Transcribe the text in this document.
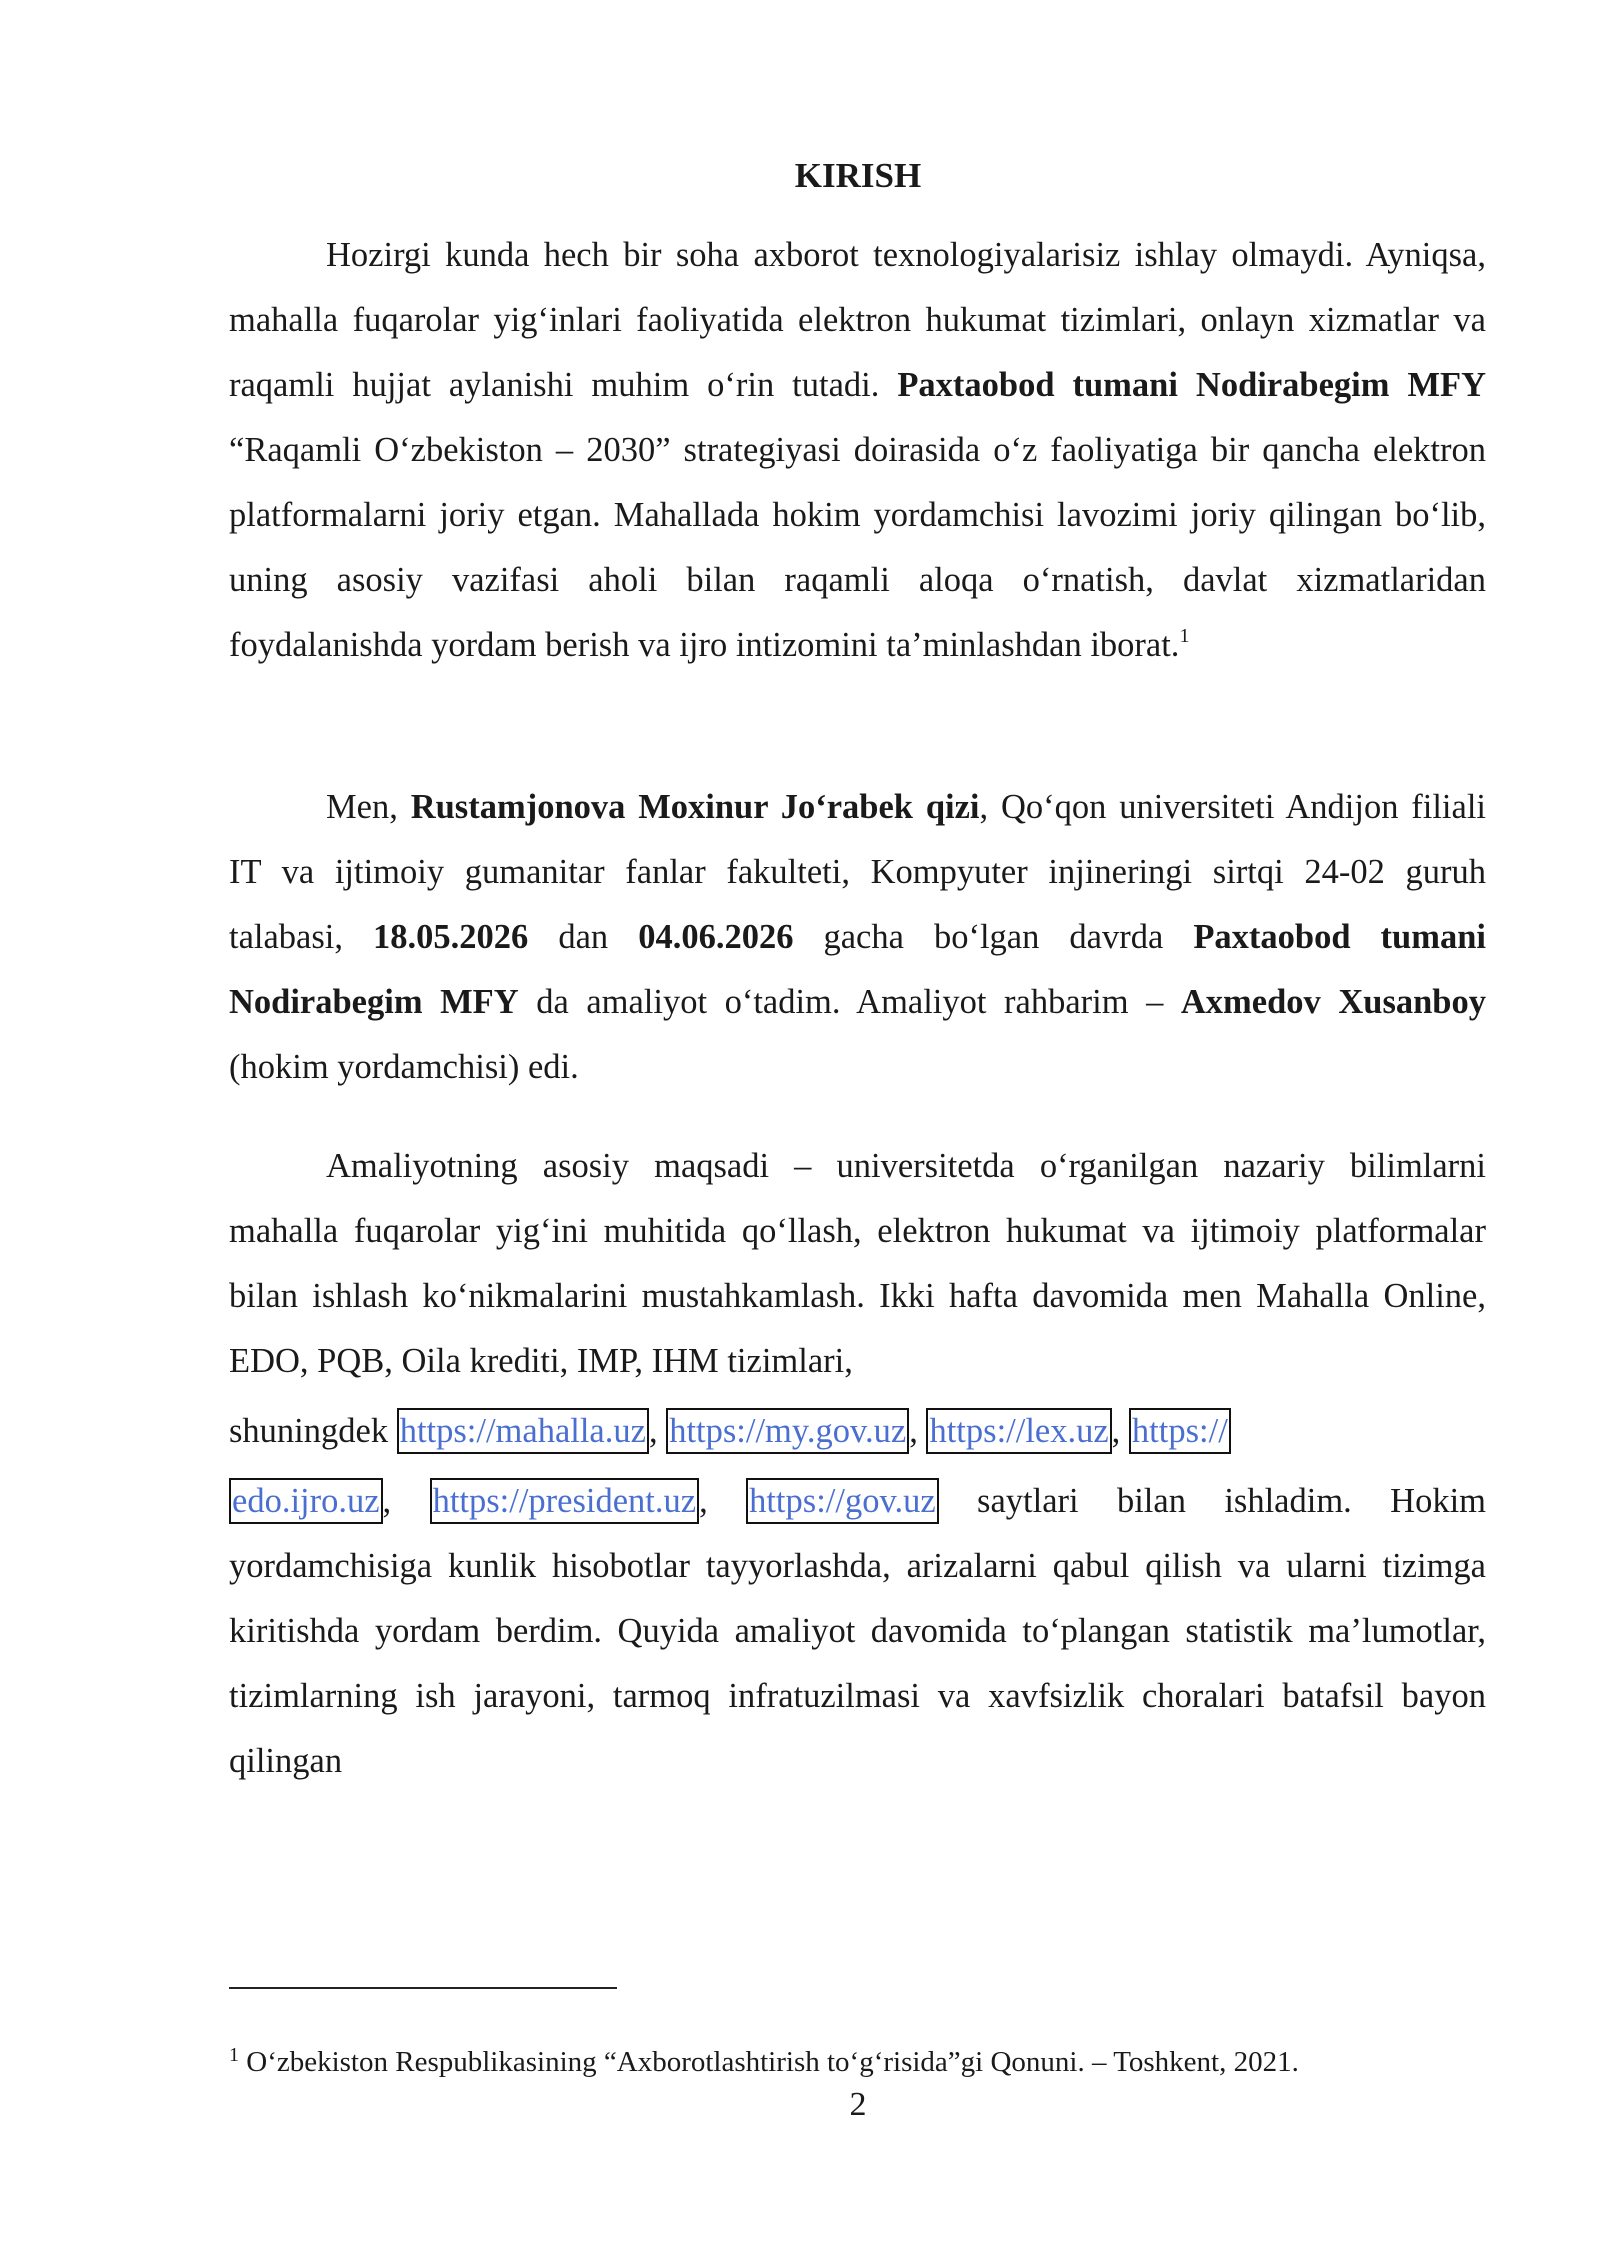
KIRISH
Hozirgi kunda hech bir soha axborot texnologiyalarisiz ishlay olmaydi. Ayniqsa, mahalla fuqarolar yig‘inlari faoliyatida elektron hukumat tizimlari, onlayn xizmatlar va raqamli hujjat aylanishi muhim o‘rin tutadi. Paxtaobod tumani Nodirabegim MFY “Raqamli O‘zbekiston – 2030” strategiyasi doirasida o‘z faoliyatiga bir qancha elektron platformalarni joriy etgan. Mahallada hokim yordamchisi lavozimi joriy qilingan bo‘lib, uning asosiy vazifasi aholi bilan raqamli aloqa o‘rnatish, davlat xizmatlaridan foydalanishda yordam berish va ijro intizomini ta’minlashdan iborat.$^1$
Men, Rustamjonova Moxinur Jo‘rabek qizi, Qo‘qon universiteti Andijon filiali IT va ijtimoiy gumanitar fanlar fakulteti, Kompyuter injineringi sirtqi 24-02 guruh talabasi, 18.05.2026 dan 04.06.2026 gacha bo‘lgan davrda Paxtaobod tumani Nodirabegim MFY da amaliyot o‘tadim. Amaliyot rahbarim – Axmedov Xusanboy (hokim yordamchisi) edi.
Amaliyotning asosiy maqsadi – universitetda o‘rganilgan nazariy bilimlarni mahalla fuqarolar yig‘ini muhitida qo‘llash, elektron hukumat va ijtimoiy platformalar bilan ishlash ko‘nikmalarini mustahkamlash. Ikki hafta davomida men Mahalla Online, EDO, PQB, Oila krediti, IMP, IHM tizimlari,
shuningdek https://mahalla.uz, https://my.gov.uz, https://lex.uz, https://
edo.ijro.uz, https://president.uz, https://gov.uz saytlari bilan ishladim. Hokim yordamchisiga kunlik hisobotlar tayyorlashda, arizalarni qabul qilish va ularni tizimga kiritishda yordam berdim. Quyida amaliyot davomida to‘plangan statistik ma’lumotlar, tizimlarning ish jarayoni, tarmoq infratuzilmasi va xavfsizlik choralari batafsil bayon qilingan
$^1$ O‘zbekiston Respublikasining “Axborotlashtirish to‘g‘risida”gi Qonuni. – Toshkent, 2021.
2
